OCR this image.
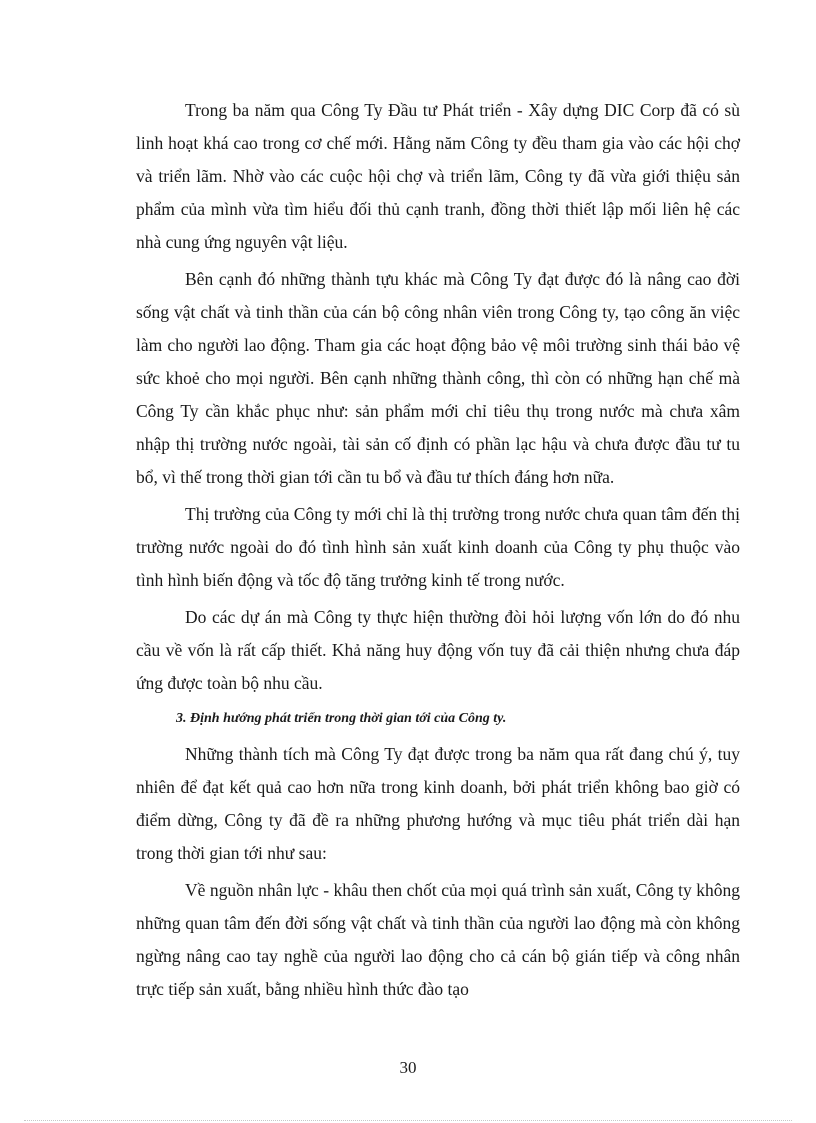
Trong ba năm qua Công Ty Đầu tư Phát triển - Xây dựng DIC Corp đã có sù linh hoạt khá cao trong cơ chế mới. Hằng năm Công ty đều tham gia vào các hội chợ và triển lãm. Nhờ vào các cuộc hội chợ và triển lãm, Công ty đã vừa giới thiệu sản phẩm của mình vừa tìm hiểu đối thủ cạnh tranh, đồng thời thiết lập mối liên hệ các nhà cung ứng nguyên vật liệu.

Bên cạnh đó những thành tựu khác mà Công Ty đạt được đó là nâng cao đời sống vật chất và tinh thần của cán bộ công nhân viên trong Công ty, tạo công ăn việc làm cho người lao động. Tham gia các hoạt động bảo vệ môi trường sinh thái bảo vệ sức khoẻ cho mọi người. Bên cạnh những thành công, thì còn có những hạn chế mà Công Ty cần khắc phục như: sản phẩm mới chỉ tiêu thụ trong nước mà chưa xâm nhập thị trường nước ngoài, tài sản cố định có phần lạc hậu và chưa được đầu tư tu bổ, vì thế trong thời gian tới cần tu bổ và đầu tư thích đáng hơn nữa.

Thị trường của Công ty mới chỉ là thị trường trong nước chưa quan tâm đến thị trường nước ngoài do đó tình hình sản xuất kinh doanh của Công ty phụ thuộc vào tình hình biến động và tốc độ tăng trưởng kinh tế trong nước.

Do các dự án mà Công ty thực hiện thường đòi hỏi lượng vốn lớn do đó nhu cầu về vốn là rất cấp thiết. Khả năng huy động vốn tuy đã cải thiện nhưng chưa đáp ứng được toàn bộ nhu cầu.

3. Định hướng phát triển trong thời gian tới của Công ty.

Những thành tích mà Công Ty đạt được trong ba năm qua rất đang chú ý, tuy nhiên để đạt kết quả cao hơn nữa trong kinh doanh, bởi phát triển không bao giờ có điểm dừng, Công ty đã đề ra những phương hướng và mục tiêu phát triển dài hạn trong thời gian tới như sau:

Về nguồn nhân lực - khâu then chốt của mọi quá trình sản xuất, Công ty không những quan tâm đến đời sống vật chất và tinh thần của người lao động mà còn không ngừng nâng cao tay nghề của người lao động cho cả cán bộ gián tiếp và công nhân trực tiếp sản xuất, bằng nhiều hình thức đào tạo

30
